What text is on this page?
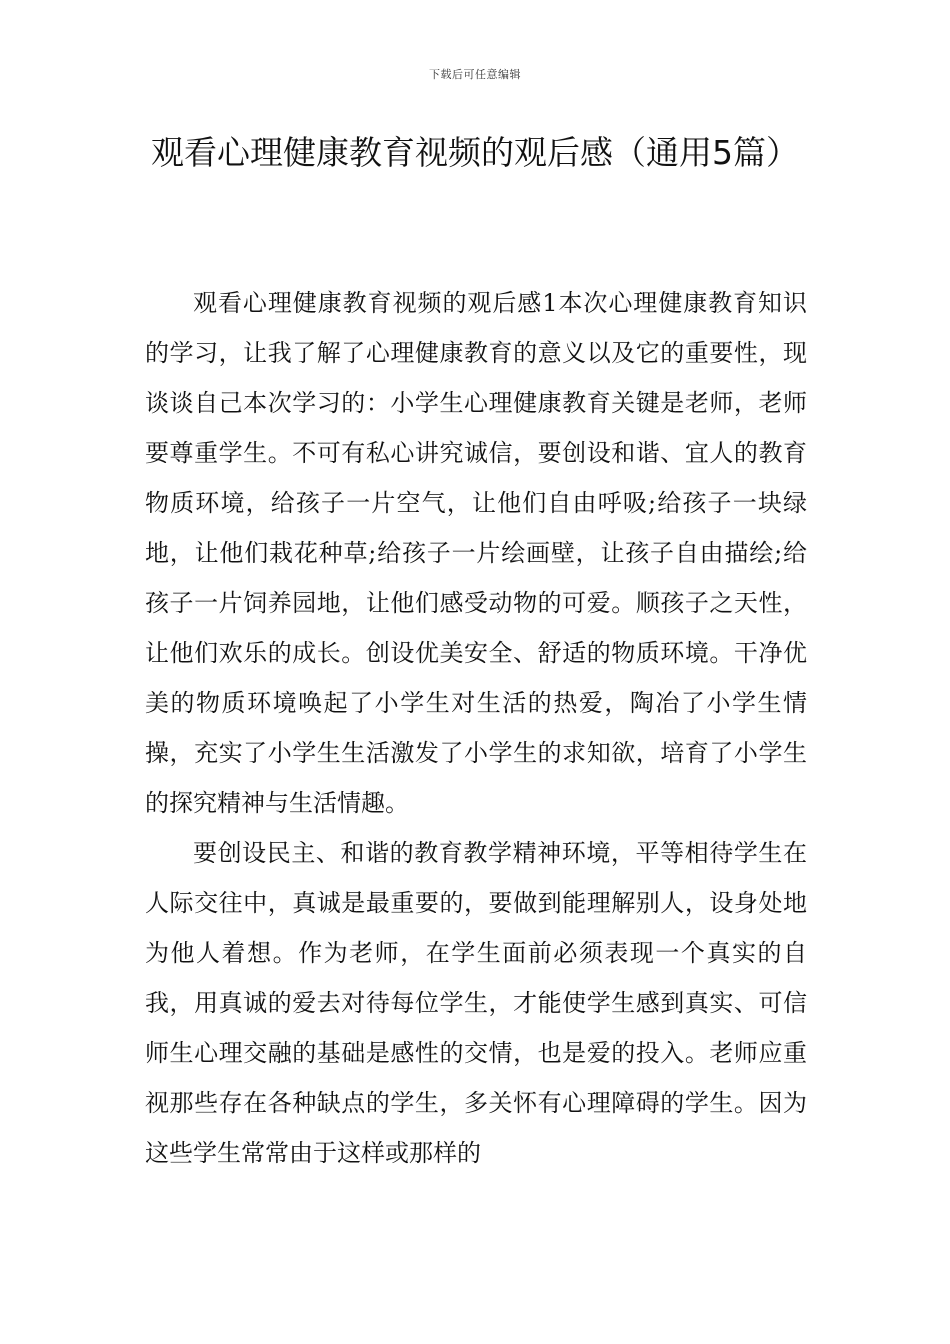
下载后可任意编辑
观看心理健康教育视频的观后感（通用5篇）

观看心理健康教育视频的观后感1本次心理健康教育知识的学习，让我了解了心理健康教育的意义以及它的重要性，现谈谈自己本次学习的：小学生心理健康教育关键是老师，老师要尊重学生。不可有私心讲究诚信，要创设和谐、宜人的教育物质环境，给孩子一片空气，让他们自由呼吸;给孩子一块绿地，让他们栽花种草;给孩子一片绘画壁，让孩子自由描绘;给孩子一片饲养园地，让他们感受动物的可爱。顺孩子之天性，让他们欢乐的成长。创设优美安全、舒适的物质环境。干净优美的物质环境唤起了小学生对生活的热爱，陶冶了小学生情操，充实了小学生生活激发了小学生的求知欲，培育了小学生的探究精神与生活情趣。

要创设民主、和谐的教育教学精神环境，平等相待学生在人际交往中，真诚是最重要的，要做到能理解别人，设身处地为他人着想。作为老师，在学生面前必须表现一个真实的自我，用真诚的爱去对待每位学生，才能使学生感到真实、可信师生心理交融的基础是感性的交情，也是爱的投入。老师应重视那些存在各种缺点的学生，多关怀有心理障碍的学生。因为这些学生常常由于这样或那样的
